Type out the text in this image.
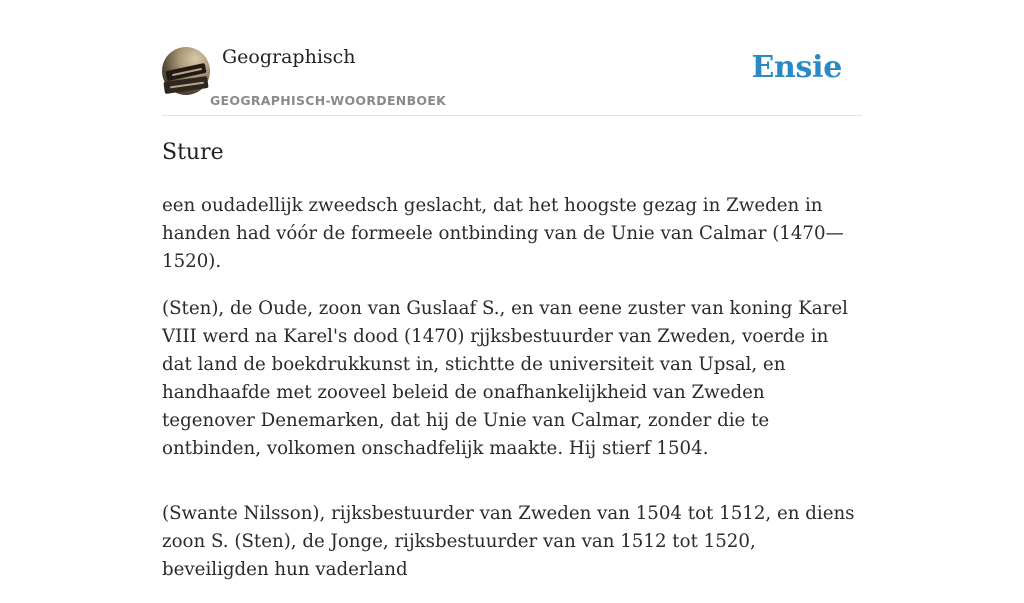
Geographisch
GEOGRAPHISCH-WOORDENBOEK
Ensie
Sture

een oudadellijk zweedsch geslacht, dat het hoogste gezag in Zweden in handen had vóór de formeele ontbinding van de Unie van Calmar (1470—1520).

(Sten), de Oude, zoon van Guslaaf S., en van eene zuster van koning Karel VIII werd na Karel's dood (1470) rjjksbestuurder van Zweden, voerde in dat land de boekdrukkunst in, stichtte de universiteit van Upsal, en handhaafde met zooveel beleid de onafhankelijkheid van Zweden tegenover Denemarken, dat hij de Unie van Calmar, zonder die te ontbinden, volkomen onschadfelijk maakte. Hij stierf 1504.

(Swante Nilsson), rijksbestuurder van Zweden van 1504 tot 1512, en diens zoon S. (Sten), de Jonge, rijksbestuurder van van 1512 tot 1520, beveiligden hun vaderland
